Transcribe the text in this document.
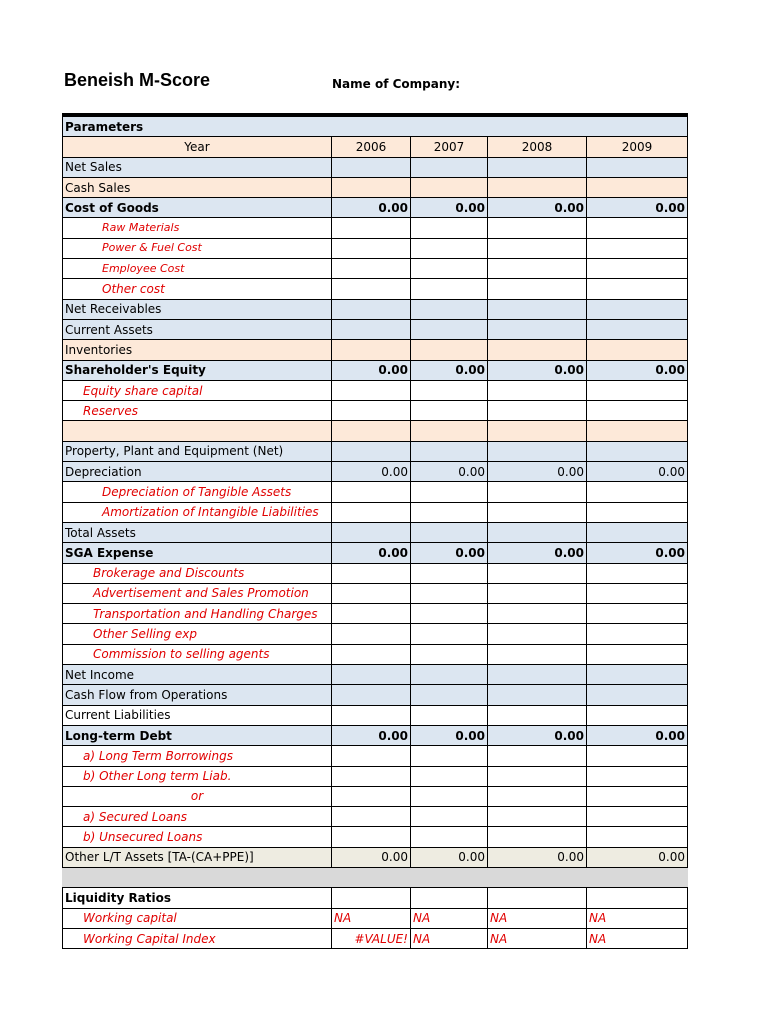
Beneish M-Score	Name of Company:
Parameters				
Year	2006	2007	2008	2009
Net Sales				
Cash Sales				
Cost of Goods	0.00	0.00	0.00	0.00
Raw Materials				
Power & Fuel Cost				
Employee Cost				
Other cost				
Net Receivables				
Current Assets				
Inventories				
Shareholder's Equity	0.00	0.00	0.00	0.00
Equity share capital				
Reserves				

Property, Plant and Equipment (Net)				
Depreciation	0.00	0.00	0.00	0.00
Depreciation of Tangible Assets				
Amortization of Intangible Liabilities				
Total Assets				
SGA Expense	0.00	0.00	0.00	0.00
Brokerage and Discounts				
Advertisement and Sales Promotion				
Transportation and Handling Charges				
Other Selling exp				
Commission to selling agents				
Net Income				
Cash Flow from Operations				
Current Liabilities				
Long-term Debt	0.00	0.00	0.00	0.00
a) Long Term Borrowings				
b) Other Long term Liab.				
or				
a) Secured Loans				
b) Unsecured Loans				
Other L/T Assets [TA-(CA+PPE)]	0.00	0.00	0.00	0.00

Liquidity Ratios				
Working capital	NA	NA	NA	NA
Working Capital Index	#VALUE!	NA	NA	NA
